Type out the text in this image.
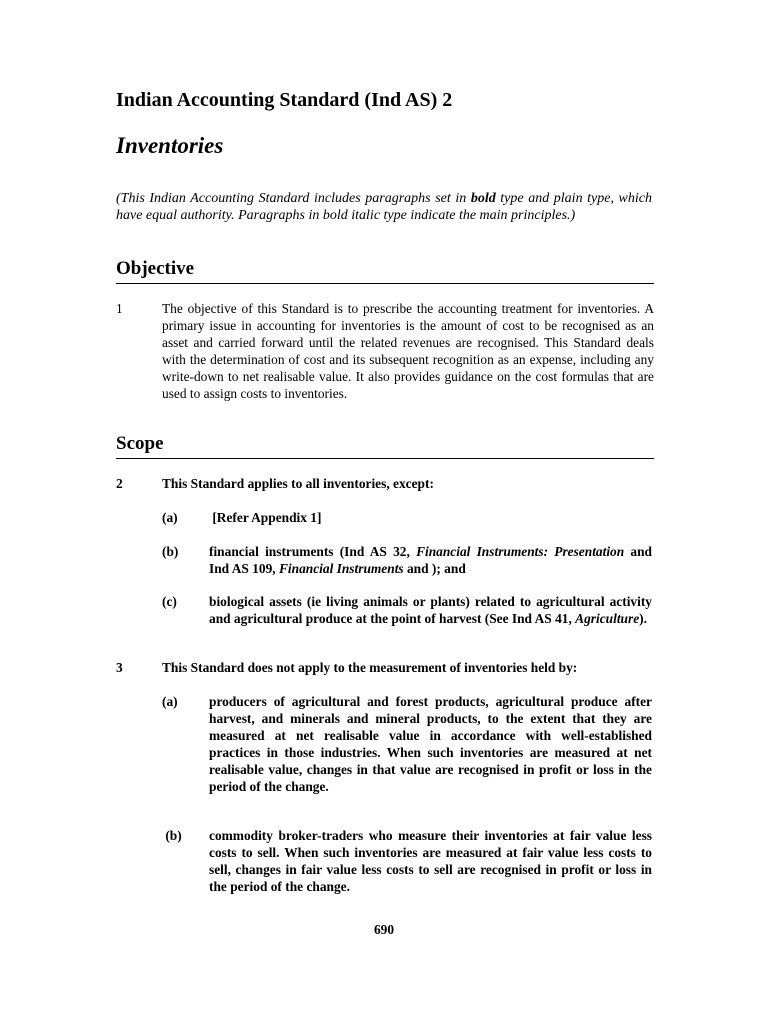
Indian Accounting Standard (Ind AS) 2
Inventories

(This Indian Accounting Standard includes paragraphs set in bold type and plain type, which have equal authority. Paragraphs in bold italic type indicate the main principles.)

Objective
1	The objective of this Standard is to prescribe the accounting treatment for inventories. A primary issue in accounting for inventories is the amount of cost to be recognised as an asset and carried forward until the related revenues are recognised. This Standard deals with the determination of cost and its subsequent recognition as an expense, including any write-down to net realisable value. It also provides guidance on the cost formulas that are used to assign costs to inventories.
Scope
2	This Standard applies to all inventories, except:
(a)	[Refer Appendix 1]
(b)	financial instruments (Ind AS 32, Financial Instruments: Presentation and Ind AS 109, Financial Instruments and ); and
(c)	biological assets (ie living animals or plants) related to agricultural activity and agricultural produce at the point of harvest (See Ind AS 41, Agriculture).
3	This Standard does not apply to the measurement of inventories held by:
(a)	producers of agricultural and forest products, agricultural produce after harvest, and minerals and mineral products, to the extent that they are measured at net realisable value in accordance with well-established practices in those industries. When such inventories are measured at net realisable value, changes in that value are recognised in profit or loss in the period of the change.
(b)	commodity broker-traders who measure their inventories at fair value less costs to sell. When such inventories are measured at fair value less costs to sell, changes in fair value less costs to sell are recognised in profit or loss in the period of the change.
690
